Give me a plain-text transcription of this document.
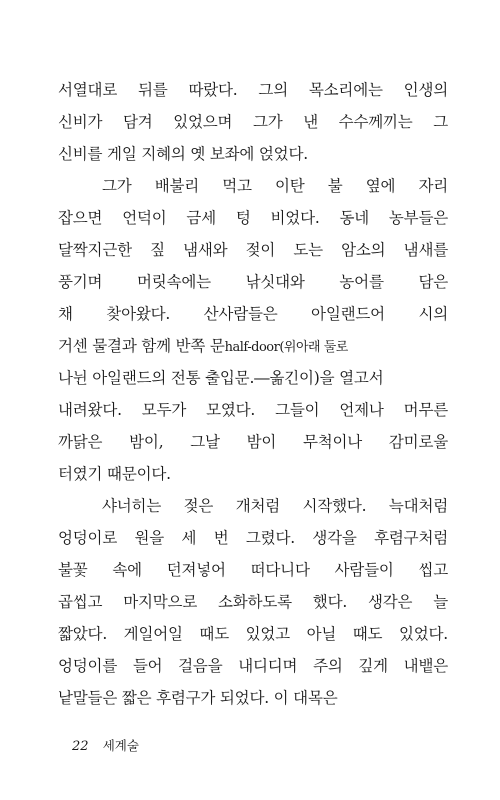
서열대로 뒤를 따랐다. 그의 목소리에는 인생의
신비가 담겨 있었으며 그가 낸 수수께끼는 그
신비를 게일 지혜의 옛 보좌에 얹었다.
그가 배불리 먹고 이탄 불 옆에 자리
잡으면 언덕이 금세 텅 비었다. 동네 농부들은
달짝지근한 짚 냄새와 젖이 도는 암소의 냄새를
풍기며 머릿속에는 낚싯대와 농어를 담은
채 찾아왔다. 산사람들은 아일랜드어 시의
거센 물결과 함께 반쪽 문half-door(위아래 둘로
나뉜 아일랜드의 전통 출입문.―옮긴이)을 열고서
내려왔다. 모두가 모였다. 그들이 언제나 머무른
까닭은 밤이, 그날 밤이 무척이나 감미로울
터였기 때문이다.
샤너히는 젖은 개처럼 시작했다. 늑대처럼
엉덩이로 원을 세 번 그렸다. 생각을 후렴구처럼
불꽃 속에 던져넣어 떠다니다 사람들이 씹고
곱씹고 마지막으로 소화하도록 했다. 생각은 늘
짧았다. 게일어일 때도 있었고 아닐 때도 있었다.
엉덩이를 들어 걸음을 내디디며 주의 깊게 내뱉은
낱말들은 짧은 후렴구가 되었다. 이 대목은
22 세계술
